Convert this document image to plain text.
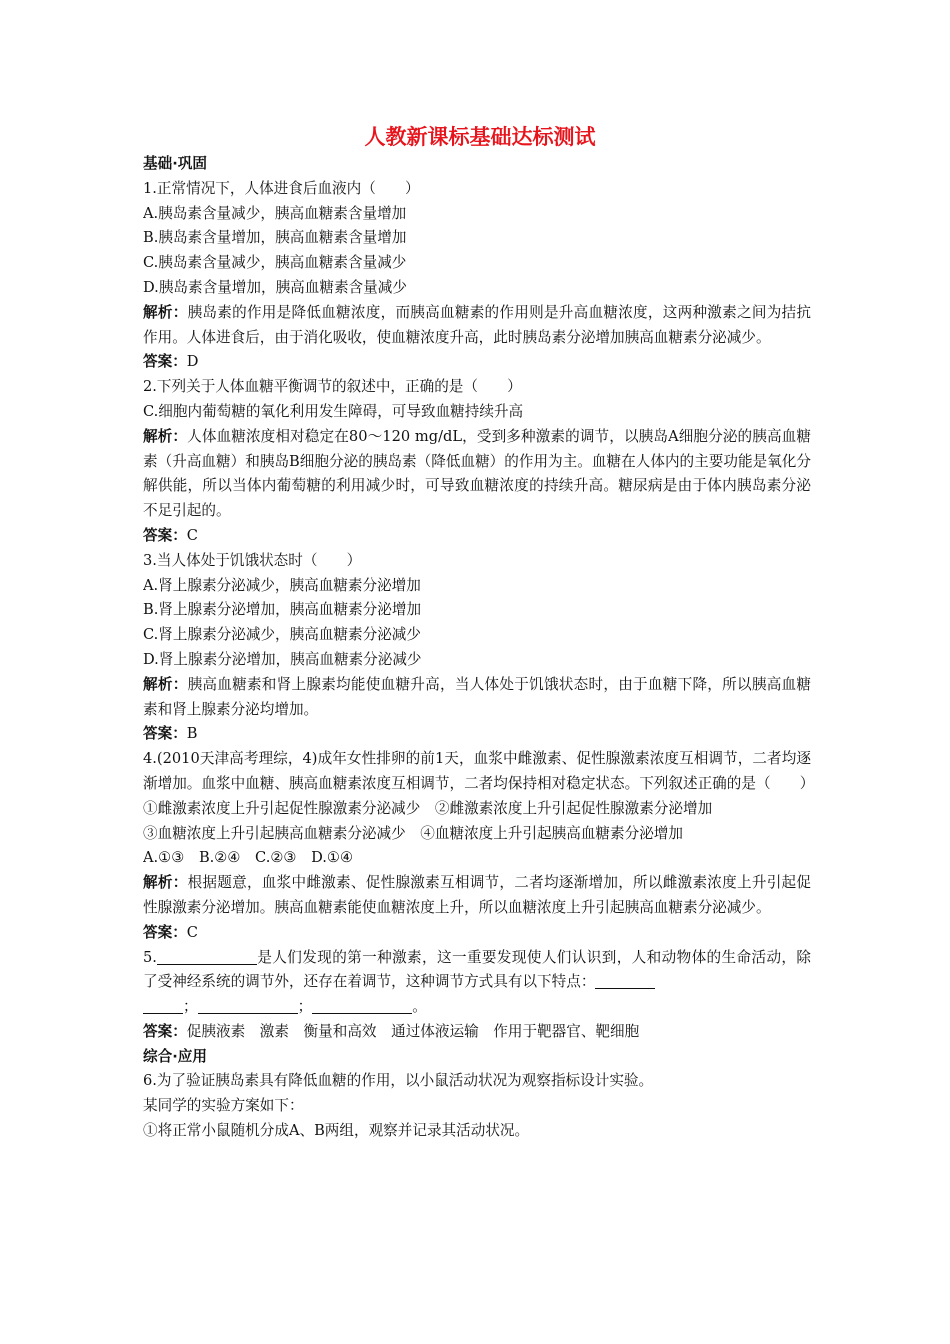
人教新课标基础达标测试
基础·巩固
1.正常情况下，人体进食后血液内（　　）
A.胰岛素含量减少，胰高血糖素含量增加
B.胰岛素含量增加，胰高血糖素含量增加
C.胰岛素含量减少，胰高血糖素含量减少
D.胰岛素含量增加，胰高血糖素含量减少
解析：胰岛素的作用是降低血糖浓度，而胰高血糖素的作用则是升高血糖浓度，这两种激素之间为拮抗作用。人体进食后，由于消化吸收，使血糖浓度升高，此时胰岛素分泌增加胰高血糖素分泌减少。
答案：D
2.下列关于人体血糖平衡调节的叙述中，正确的是（　　）
C.细胞内葡萄糖的氧化利用发生障碍，可导致血糖持续升高
解析：人体血糖浓度相对稳定在80～120 mg/dL，受到多种激素的调节，以胰岛A细胞分泌的胰高血糖素（升高血糖）和胰岛B细胞分泌的胰岛素（降低血糖）的作用为主。血糖在人体内的主要功能是氧化分解供能，所以当体内葡萄糖的利用减少时，可导致血糖浓度的持续升高。糖尿病是由于体内胰岛素分泌不足引起的。
答案：C
3.当人体处于饥饿状态时（　　）
A.肾上腺素分泌减少，胰高血糖素分泌增加
B.肾上腺素分泌增加，胰高血糖素分泌增加
C.肾上腺素分泌减少，胰高血糖素分泌减少
D.肾上腺素分泌增加，胰高血糖素分泌减少
解析：胰高血糖素和肾上腺素均能使血糖升高，当人体处于饥饿状态时，由于血糖下降，所以胰高血糖素和肾上腺素分泌均增加。
答案：B
4.(2010天津高考理综，4)成年女性排卵的前1天，血浆中雌激素、促性腺激素浓度互相调节，二者均逐渐增加。血浆中血糖、胰高血糖素浓度互相调节，二者均保持相对稳定状态。下列叙述正确的是（　　）
①雌激素浓度上升引起促性腺激素分泌减少　②雌激素浓度上升引起促性腺激素分泌增加
③血糖浓度上升引起胰高血糖素分泌减少　④血糖浓度上升引起胰高血糖素分泌增加
A.①③　B.②④　C.②③　D.①④
解析：根据题意，血浆中雌激素、促性腺激素互相调节，二者均逐渐增加，所以雌激素浓度上升引起促性腺激素分泌增加。胰高血糖素能使血糖浓度上升，所以血糖浓度上升引起胰高血糖素分泌减少。
答案：C
5.	是人们发现的第一种激素，这一重要发现使人们认识到，人和动物体的生命活动，除了受神经系统的调节外，还存在着调节，这种调节方式具有以下特点：
；	；	。
答案：促胰液素　激素　衡量和高效　通过体液运输　作用于靶器官、靶细胞
综合·应用
6.为了验证胰岛素具有降低血糖的作用，以小鼠活动状况为观察指标设计实验。
某同学的实验方案如下：
①将正常小鼠随机分成A、B两组，观察并记录其活动状况。
